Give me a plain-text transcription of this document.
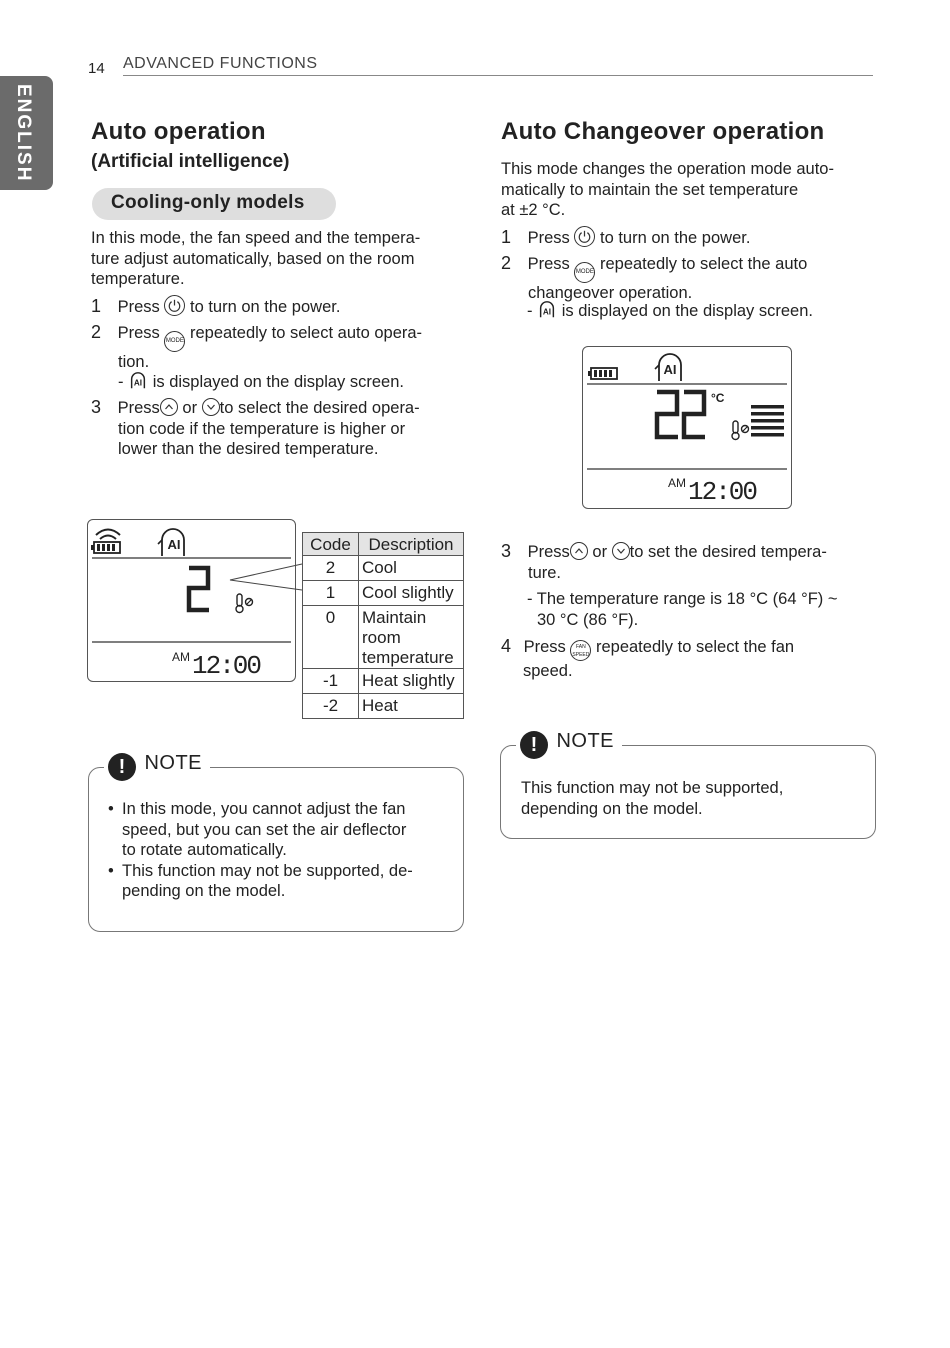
ENGLISH
14 ADVANCED FUNCTIONS
Auto operation
(Artificial intelligence)
Cooling-only models
In this mode, the fan speed and the tempera-
ture adjust automatically, based on the room
temperature.
1 Press to turn on the power.
2 Press MODE repeatedly to select auto opera-
tion.
- AI is displayed on the display screen.
3 Press or to select the desired opera-
tion code if the temperature is higher or
lower than the desired temperature.
AI
AM 12:00
Code	Description
2	Cool
1	Cool slightly
0	Maintain room temperature
-1	Heat slightly
-2	Heat
! NOTE
• In this mode, you cannot adjust the fan
speed, but you can set the air deflector
to rotate automatically.
• This function may not be supported, de-
pending on the model.
Auto Changeover operation
This mode changes the operation mode auto-
matically to maintain the set temperature
at ±2 °C.
1 Press to turn on the power.
2 Press MODE repeatedly to select the auto
changeover operation.
- AI is displayed on the display screen.
AI
°C
AM 12:00
3 Press or to set the desired tempera-
ture.
- The temperature range is 18 °C (64 °F) ~
30 °C (86 °F).
4 Press FAN SPEED repeatedly to select the fan
speed.
! NOTE
This function may not be supported,
depending on the model.
